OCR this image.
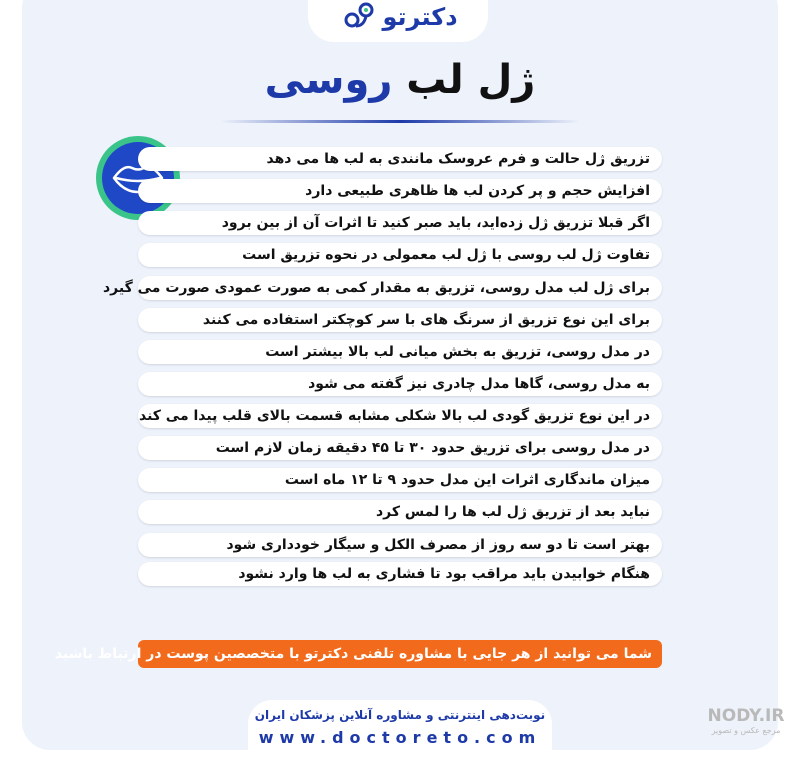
دکترتو
ژل لب روسی
تزریق ژل حالت و فرم عروسک مانندی به لب ها می دهد
افزایش حجم و پر کردن لب ها ظاهری طبیعی دارد
اگر قبلا تزریق ژل زده‌اید، باید صبر کنید تا اثرات آن از بین برود
تفاوت ژل لب روسی با ژل لب معمولی در نحوه تزریق است
برای ژل لب مدل روسی، تزریق به مقدار کمی به صورت عمودی صورت می گیرد
برای این نوع تزریق از سرنگ های با سر کوچکتر استفاده می کنند
در مدل روسی، تزریق به بخش میانی لب بالا بیشتر است
به مدل روسی، گاها مدل چادری نیز گفته می شود
در این نوع تزریق گودی لب بالا شکلی مشابه قسمت بالای قلب پیدا می کند
در مدل روسی برای تزریق حدود ۳۰ تا ۴۵ دقیقه زمان لازم است
میزان ماندگاری اثرات این مدل حدود ۹ تا ۱۲ ماه است
نباید بعد از تزریق ژل لب ها را لمس کرد
بهتر است تا دو سه روز از مصرف الکل و سیگار خودداری شود
هنگام خوابیدن باید مراقب بود تا فشاری به لب ها وارد نشود
شما می توانید از هر جایی با مشاوره تلفنی دکترتو با متخصصین پوست در ارتباط باشید
نوبت‌دهی اینترنتی و مشاوره آنلاین پزشکان ایران
www.doctoreto.com
NODY.IR
مرجع عکس و تصویر
